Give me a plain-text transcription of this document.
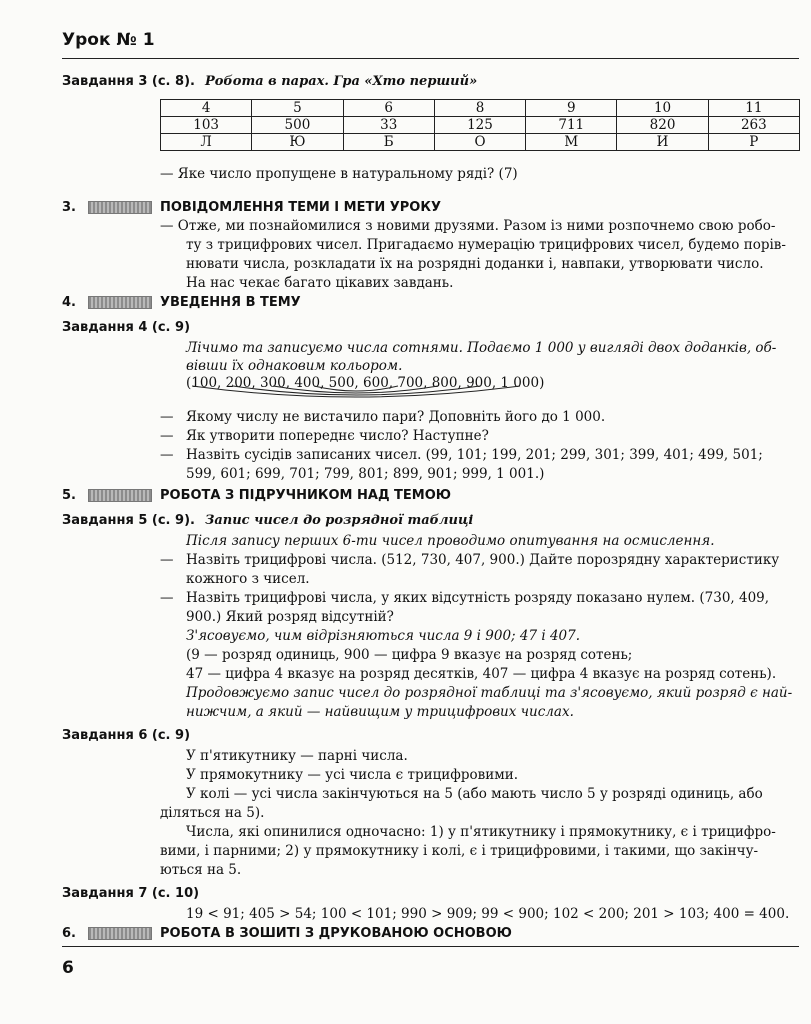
Урок № 1
Завдання 3 (с. 8). Робота в парах. Гра «Хто перший»
4	5	6	8	9	10	11
103	500	33	125	711	820	263
Л	Ю	Б	О	М	И	Р
— Яке число пропущене в натуральному ряді? (7)
3.	ПОВІДОМЛЕННЯ ТЕМИ І МЕТИ УРОКУ
— Отже, ми познайомилися з новими друзями. Разом із ними розпочнемо свою робо-
ту з трицифрових чисел. Пригадаємо нумерацію трицифрових чисел, будемо порів-
нювати числа, розкладати їх на розрядні доданки і, навпаки, утворювати число.
На нас чекає багато цікавих завдань.
4.	УВЕДЕННЯ В ТЕМУ
Завдання 4 (с. 9)
Лічимо та записуємо числа сотнями. Подаємо 1 000 у вигляді двох доданків, об-
вівши їх однаковим кольором.
(100, 200, 300, 400, 500, 600, 700, 800, 900, 1 000)
— Якому числу не вистачило пари? Доповніть його до 1 000.
— Як утворити попереднє число? Наступне?
— Назвіть сусідів записаних чисел. (99, 101; 199, 201; 299, 301; 399, 401; 499, 501;
599, 601; 699, 701; 799, 801; 899, 901; 999, 1 001.)
5.	РОБОТА З ПІДРУЧНИКОМ НАД ТЕМОЮ
Завдання 5 (с. 9). Запис чисел до розрядної таблиці
Після запису перших 6-ти чисел проводимо опитування на осмислення.
— Назвіть трицифрові числа. (512, 730, 407, 900.) Дайте порозрядну характеристику
кожного з чисел.
— Назвіть трицифрові числа, у яких відсутність розряду показано нулем. (730, 409,
900.) Який розряд відсутній?
З'ясовуємо, чим відрізняються числа 9 і 900; 47 і 407.
(9 — розряд одиниць, 900 — цифра 9 вказує на розряд сотень;
47 — цифра 4 вказує на розряд десятків, 407 — цифра 4 вказує на розряд сотень).
Продовжуємо запис чисел до розрядної таблиці та з'ясовуємо, який розряд є най-
нижчим, а який — найвищим у трицифрових числах.
Завдання 6 (с. 9)
У п'ятикутнику — парні числа.
У прямокутнику — усі числа є трицифровими.
У колі — усі числа закінчуються на 5 (або мають число 5 у розряді одиниць, або
діляться на 5).
Числа, які опинилися одночасно: 1) у п'ятикутнику і прямокутнику, є і трицифро-
вими, і парними; 2) у прямокутнику і колі, є і трицифровими, і такими, що закінчу-
ються на 5.
Завдання 7 (с. 10)
19 < 91; 405 > 54; 100 < 101; 990 > 909; 99 < 900; 102 < 200; 201 > 103; 400 = 400.
6.	РОБОТА В ЗОШИТІ З ДРУКОВАНОЮ ОСНОВОЮ
6
